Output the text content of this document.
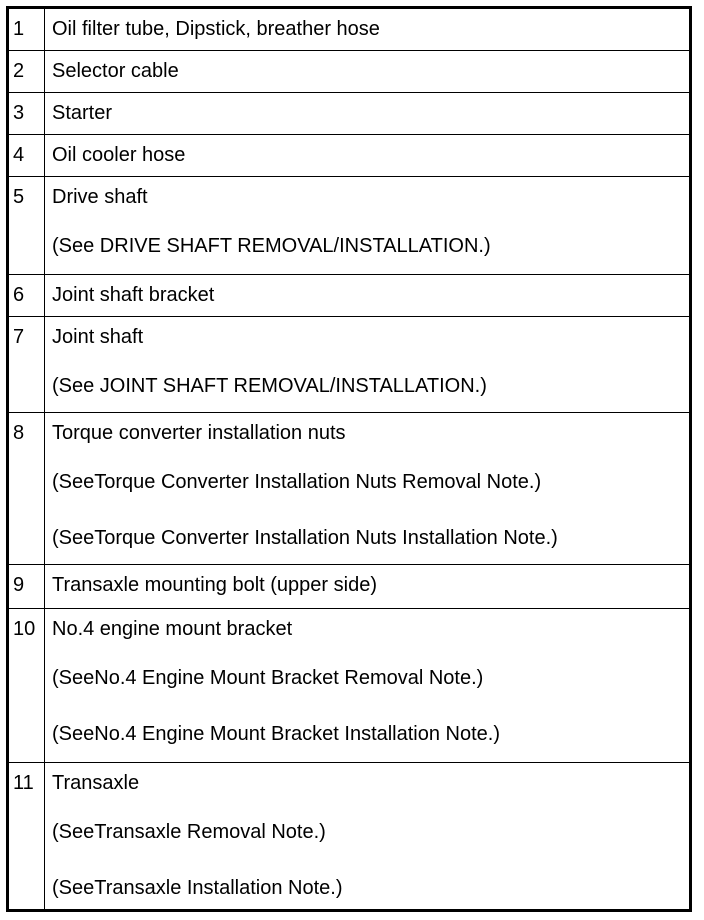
1	Oil filter tube, Dipstick, breather hose
2	Selector cable
3	Starter
4	Oil cooler hose
5	Drive shaft
(See DRIVE SHAFT REMOVAL/INSTALLATION.)
6	Joint shaft bracket
7	Joint shaft
(See JOINT SHAFT REMOVAL/INSTALLATION.)
8	Torque converter installation nuts
(SeeTorque Converter Installation Nuts Removal Note.)
(SeeTorque Converter Installation Nuts Installation Note.)
9	Transaxle mounting bolt (upper side)
10 No.4 engine mount bracket
(SeeNo.4 Engine Mount Bracket Removal Note.)
(SeeNo.4 Engine Mount Bracket Installation Note.)
11 Transaxle
(SeeTransaxle Removal Note.)
(SeeTransaxle Installation Note.)
